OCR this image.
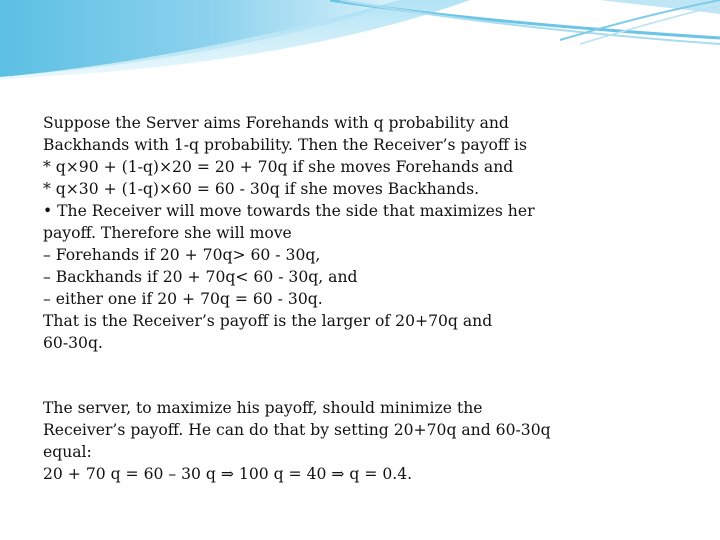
Suppose the Server aims Forehands with q probability and
Backhands with 1-q probability. Then the Receiver’s payoff is
* q×90 + (1-q)×20 = 20 + 70q if she moves Forehands and
* q×30 + (1-q)×60 = 60 - 30q if she moves Backhands.
• The Receiver will move towards the side that maximizes her
payoff. Therefore she will move
– Forehands if 20 + 70q> 60 - 30q,
– Backhands if 20 + 70q< 60 - 30q, and
– either one if 20 + 70q = 60 - 30q.
That is the Receiver’s payoff is the larger of 20+70q and
60-30q.
The server, to maximize his payoff, should minimize the
Receiver’s payoff. He can do that by setting 20+70q and 60-30q
equal:
20 + 70 q = 60 – 30 q ⇒ 100 q = 40 ⇒ q = 0.4.
